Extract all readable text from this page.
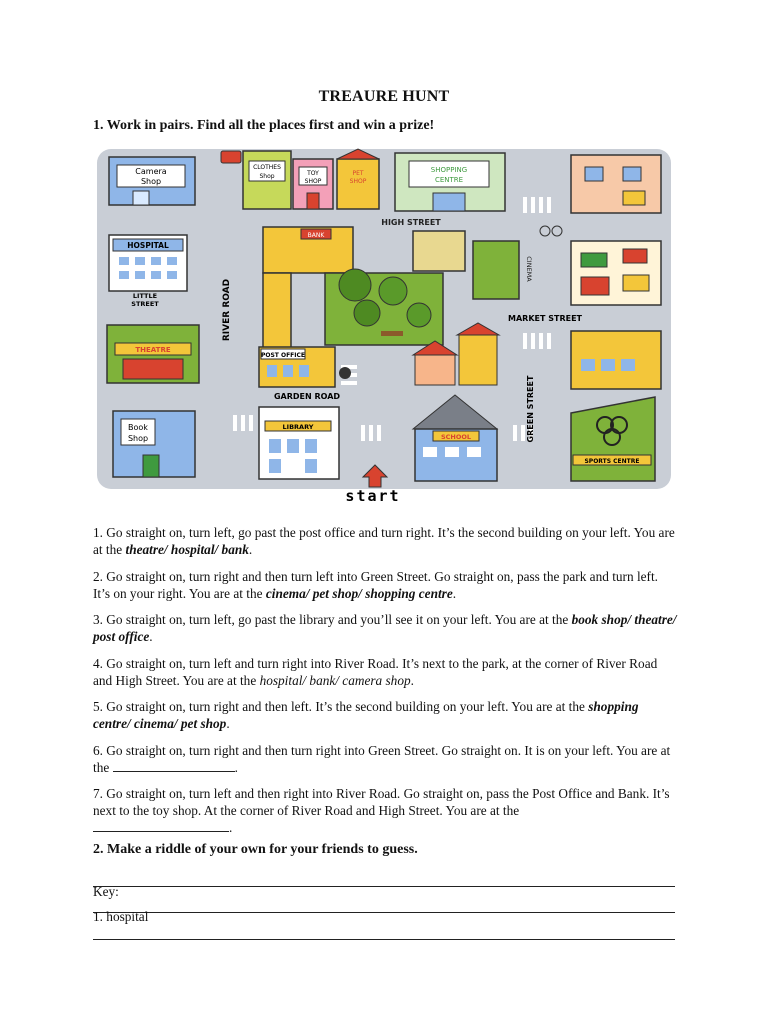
TREAURE HUNT
1. Work in pairs. Find all the places first and win a prize!
Camera
Shop
CLOTHES
Shop	TOY
SHOP
PET
SHOP
SHOPPING
CENTRE
HIGH STREET
HOSPITAL
LITTLE
STREET	RIVER ROAD
BANK
CINEMA
MARKET STREET
THEATRE
POST OFFICE
GARDEN ROAD	GREEN STREET
Book
Shop
LIBRARY
SCHOOL
SPORTS CENTRE
start

1. Go straight on, turn left, go past the post office and turn right. It’s the second building on your left. You are at the theatre/ hospital/ bank.

2. Go straight on, turn right and then turn left into Green Street. Go straight on, pass the park and turn left. It’s on your right. You are at the cinema/ pet shop/ shopping centre.

3. Go straight on, turn left, go past the library and you’ll see it on your left. You are at the book shop/ theatre/ post office.

4. Go straight on, turn left and turn right into River Road. It’s next to the park, at the corner of River Road and High Street. You are at the hospital/ bank/ camera shop.

5. Go straight on, turn right and then left. It’s the second building on your left. You are at the shopping centre/ cinema/ pet shop.

6. Go straight on, turn right and then turn right into Green Street. Go straight on. It is on your left. You are at the	.

7. Go straight on, turn left and then right into River Road. Go straight on, pass the Post Office and Bank. It’s next to the toy shop. At the corner of River Road and High Street. You are at the
.

2. Make a riddle of your own for your friends to guess.
Key:
1. hospital
